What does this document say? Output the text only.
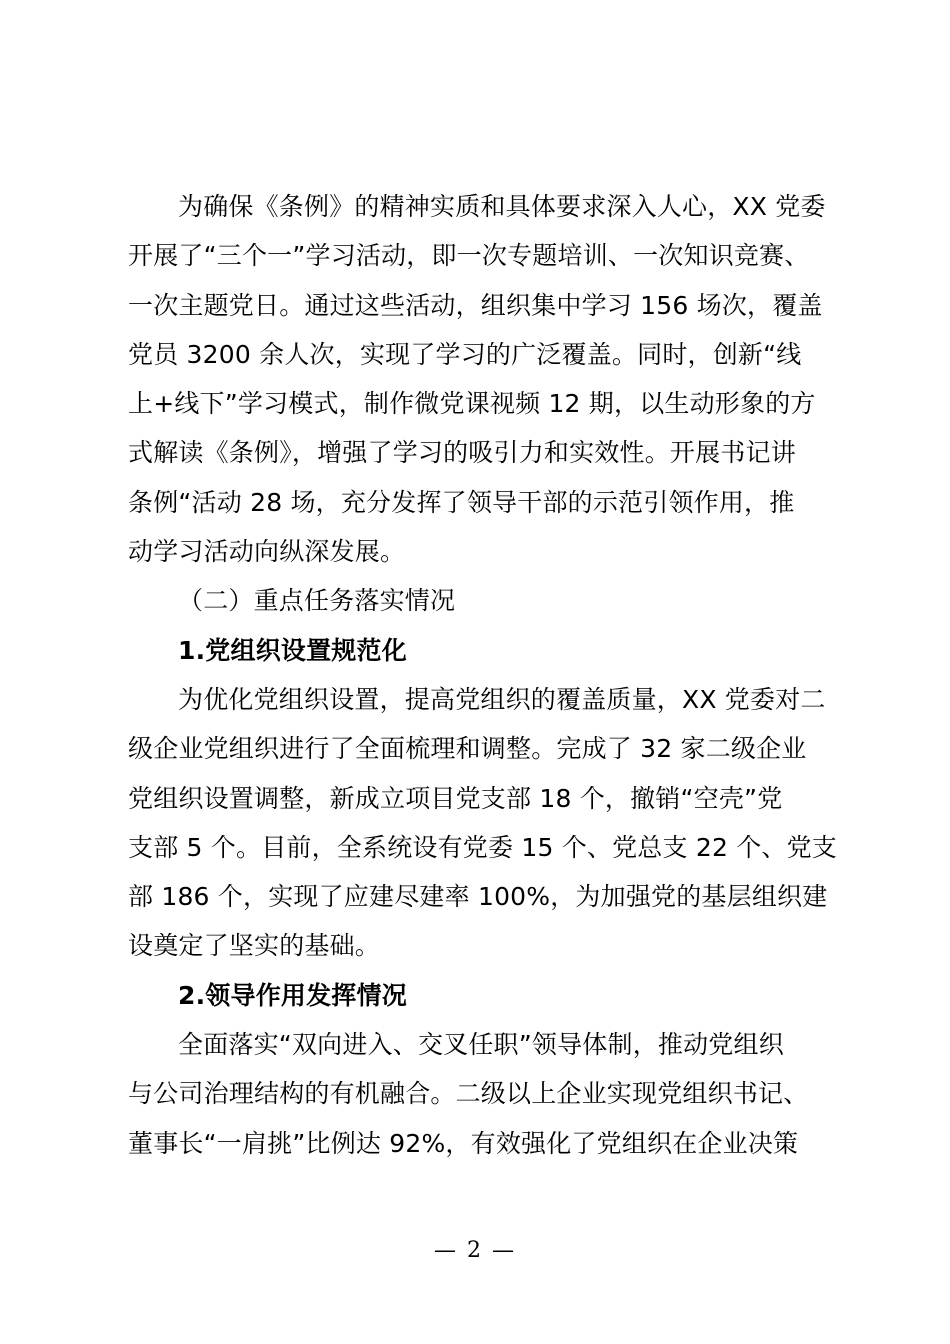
为确保《条例》的精神实质和具体要求深入人心，XX 党委
开展了“三个一”学习活动，即一次专题培训、一次知识竞赛、
一次主题党日。通过这些活动，组织集中学习 156 场次，覆盖
党员 3200 余人次，实现了学习的广泛覆盖。同时，创新“线
上+线下”学习模式，制作微党课视频 12 期，以生动形象的方
式解读《条例》，增强了学习的吸引力和实效性。开展书记讲
条例“活动 28 场，充分发挥了领导干部的示范引领作用，推
动学习活动向纵深发展。
（二）重点任务落实情况
1.党组织设置规范化
为优化党组织设置，提高党组织的覆盖质量，XX 党委对二
级企业党组织进行了全面梳理和调整。完成了 32 家二级企业
党组织设置调整，新成立项目党支部 18 个，撤销“空壳”党
支部 5 个。目前，全系统设有党委 15 个、党总支 22 个、党支
部 186 个，实现了应建尽建率 100%，为加强党的基层组织建
设奠定了坚实的基础。
2.领导作用发挥情况
全面落实“双向进入、交叉任职”领导体制，推动党组织
与公司治理结构的有机融合。二级以上企业实现党组织书记、
董事长“一肩挑”比例达 92%，有效强化了党组织在企业决策
— 2 —
